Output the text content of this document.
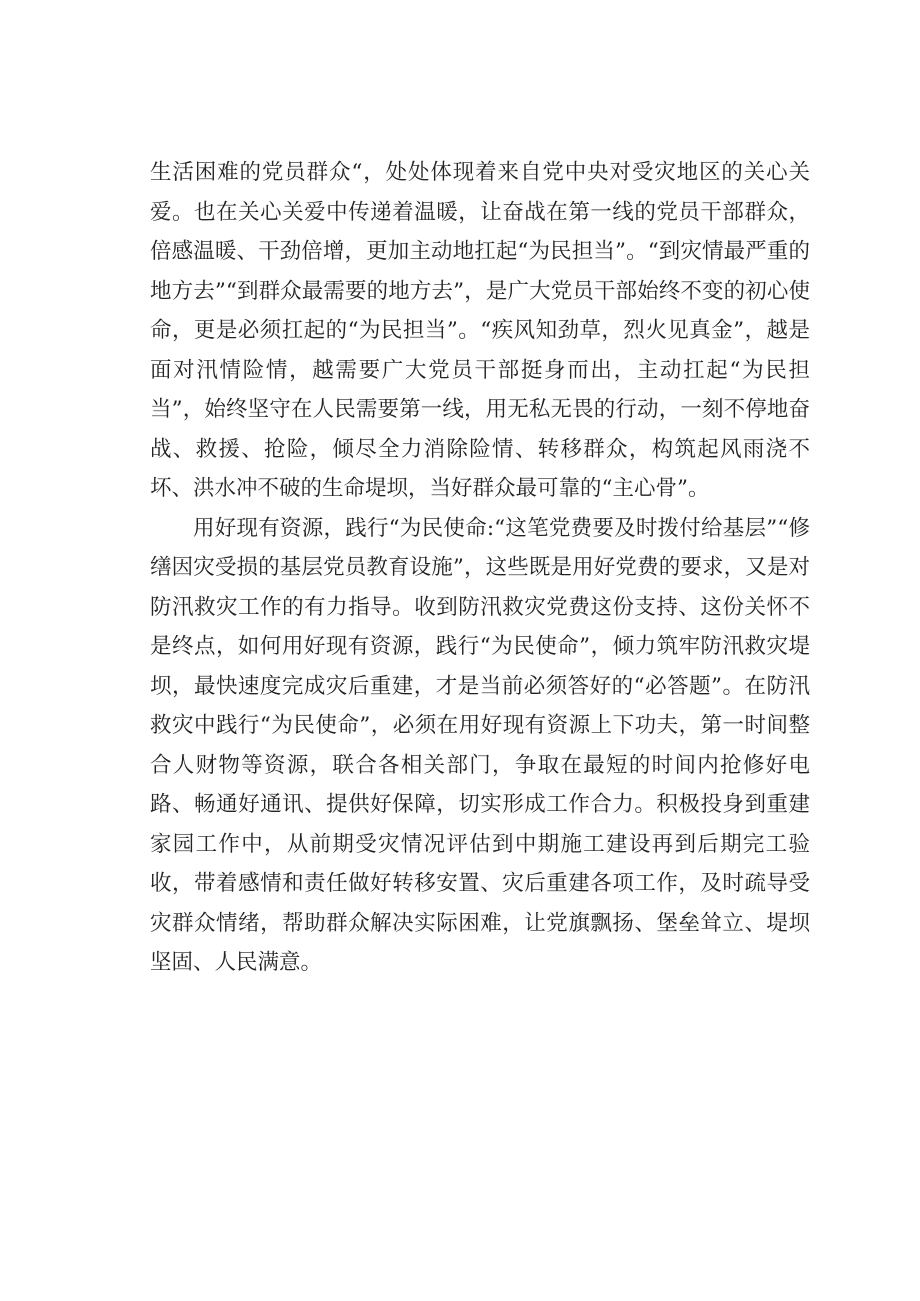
生活困难的党员群众“，处处体现着来自党中央对受灾地区的关心关爱。也在关心关爱中传递着温暖，让奋战在第一线的党员干部群众，倍感温暖、干劲倍增，更加主动地扛起“为民担当”。“到灾情最严重的地方去”“到群众最需要的地方去”，是广大党员干部始终不变的初心使命，更是必须扛起的“为民担当”。“疾风知劲草，烈火见真金”，越是面对汛情险情，越需要广大党员干部挺身而出，主动扛起“为民担当”，始终坚守在人民需要第一线，用无私无畏的行动，一刻不停地奋战、救援、抢险，倾尽全力消除险情、转移群众，构筑起风雨浇不坏、洪水冲不破的生命堤坝，当好群众最可靠的“主心骨”。

用好现有资源，践行“为民使命:“这笔党费要及时拨付给基层”“修缮因灾受损的基层党员教育设施”，这些既是用好党费的要求，又是对防汛救灾工作的有力指导。收到防汛救灾党费这份支持、这份关怀不是终点，如何用好现有资源，践行“为民使命”，倾力筑牢防汛救灾堤坝，最快速度完成灾后重建，才是当前必须答好的“必答题”。在防汛救灾中践行“为民使命”，必须在用好现有资源上下功夫，第一时间整合人财物等资源，联合各相关部门，争取在最短的时间内抢修好电路、畅通好通讯、提供好保障，切实形成工作合力。积极投身到重建家园工作中，从前期受灾情况评估到中期施工建设再到后期完工验收，带着感情和责任做好转移安置、灾后重建各项工作，及时疏导受灾群众情绪，帮助群众解决实际困难，让党旗飘扬、堡垒耸立、堤坝坚固、人民满意。
